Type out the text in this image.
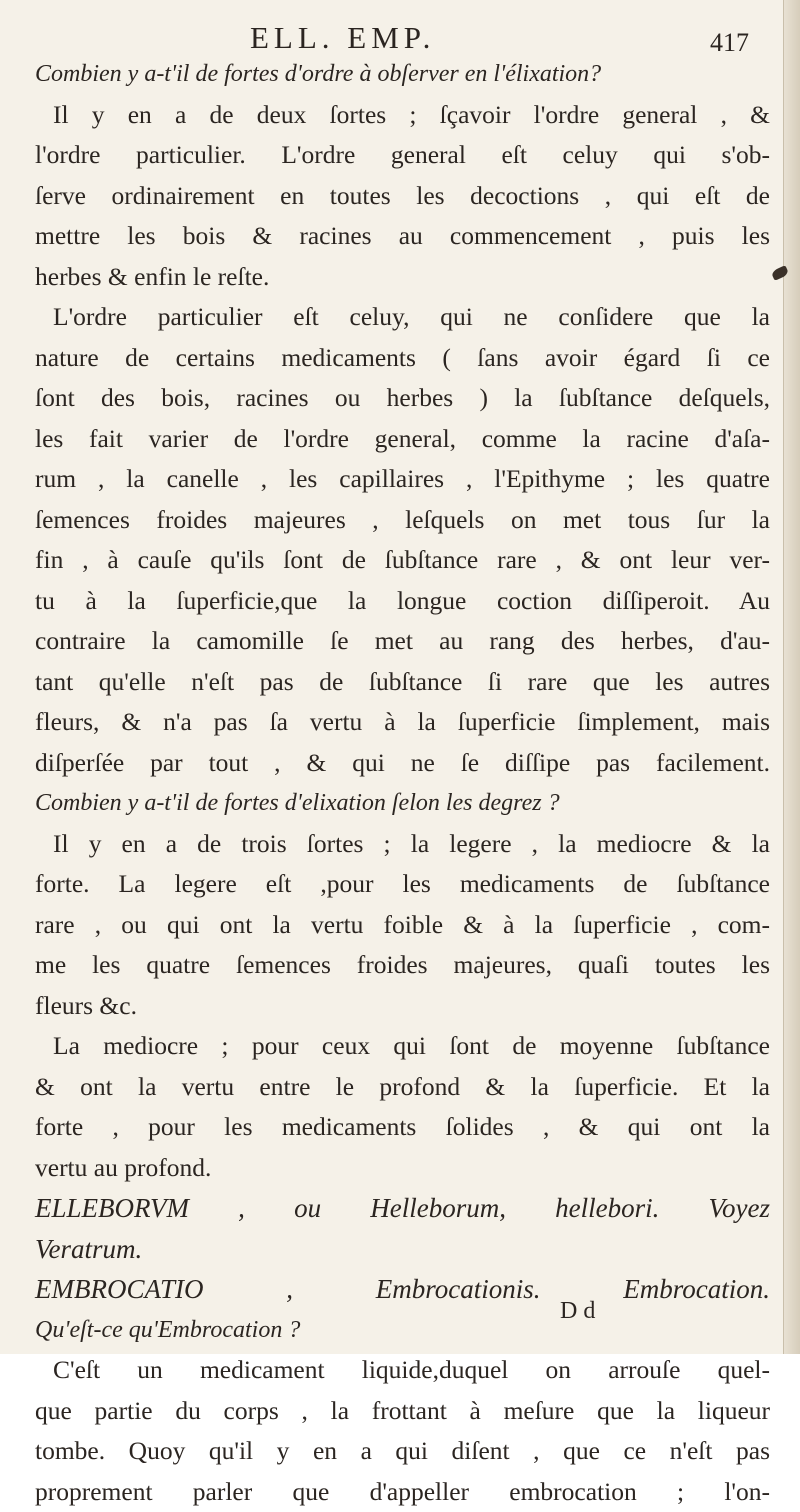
ELL. EMP.	417
Combien y a-t'il de fortes d'ordre à obſerver en l'élixation?
Il y en a de deux ſortes ; ſçavoir l'ordre general , &
l'ordre particulier. L'ordre general eſt celuy qui s'ob-
ſerve ordinairement en toutes les decoctions , qui eſt de
mettre les bois & racines au commencement , puis les
herbes & enfin le reſte.
L'ordre particulier eſt celuy, qui ne conſidere que la
nature de certains medicaments ( ſans avoir égard ſi ce
ſont des bois, racines ou herbes ) la ſubſtance deſquels,
les fait varier de l'ordre general, comme la racine d'aſa-
rum , la canelle , les capillaires , l'Epithyme ; les quatre
ſemences froides majeures , leſquels on met tous ſur la
fin , à cauſe qu'ils ſont de ſubſtance rare , & ont leur ver-
tu à la ſuperficie,que la longue coction diſſiperoit. Au
contraire la camomille ſe met au rang des herbes, d'au-
tant qu'elle n'eſt pas de ſubſtance ſi rare que les autres
fleurs, & n'a pas ſa vertu à la ſuperficie ſimplement, mais
diſperſée par tout , & qui ne ſe diſſipe pas facilement.
Combien y a-t'il de fortes d'elixation ſelon les degrez ?
Il y en a de trois ſortes ; la legere , la mediocre & la
forte. La legere eſt ,pour les medicaments de ſubſtance
rare , ou qui ont la vertu foible & à la ſuperficie , com-
me les quatre ſemences froides majeures, quaſi toutes les
fleurs &c.
La mediocre ; pour ceux qui ſont de moyenne ſubſtance
& ont la vertu entre le profond & la ſuperficie. Et la
forte , pour les medicaments ſolides , & qui ont la
vertu au profond.
ELLEBORVM , ou Helleborum, hellebori. Voyez
Veratrum.
EMBROCATIO , Embrocationis. Embrocation.
Qu'eſt-ce qu'Embrocation ?
C'eſt un medicament liquide,duquel on arrouſe quel-
que partie du corps , la frottant à meſure que la liqueur
tombe. Quoy qu'il y en a qui diſent , que ce n'eſt pas
proprement parler que d'appeller embrocation ; l'on-
D d
